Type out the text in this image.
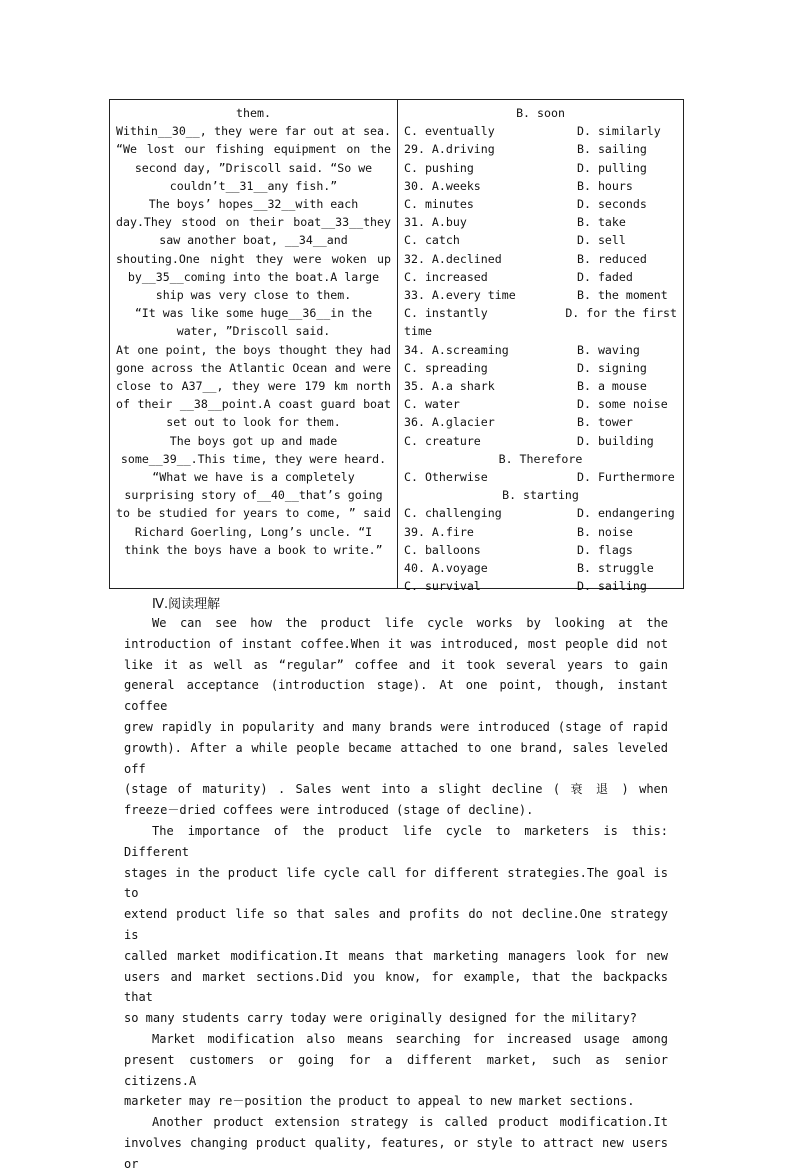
them.
Within__30__, they were far out at sea.
“We lost our fishing equipment on the
second day, ”Driscoll said. “So we
couldn’t__31__any fish.”
The boys’ hopes__32__with each
day.They stood on their boat__33__they
saw another boat, __34__and
shouting.One night they were woken up
by__35__coming into the boat.A large
ship was very close to them.
“It was like some huge__36__in the
water, ”Driscoll said.
At one point, the boys thought they had
gone across the Atlantic Ocean and were
close to A37__, they were 179 km north
of their __38__point.A coast guard boat
set out to look for them.
The boys got up and made
some__39__.This time, they were heard.
“What we have is a completely
surprising story of__40__that’s going
to be studied for years to come, ” said
Richard Goerling, Long’s uncle. “I
think the boys have a book to write.”
B. soon
C. eventually	D. similarly
29. A.driving	B. sailing
C. pushing	D. pulling
30. A.weeks	B. hours
C. minutes	D. seconds
31. A.buy	B. take
C. catch	D. sell
32. A.declined	B. reduced
C. increased	D. faded
33. A.every time	B. the moment
C. instantly	D. for the first
time
34. A.screaming	B. waving
C. spreading	D. signing
35. A.a shark	B. a mouse
C. water	D. some noise
36. A.glacier	B. tower
C. creature	D. building
B. Therefore
C. Otherwise	D. Furthermore
B. starting
C. challenging	D. endangering
39. A.fire	B. noise
C. balloons	D. flags
40. A.voyage	B. struggle
C. survival	D. sailing
Ⅳ.阅读理解

We can see how the product life cycle works by looking at the
introduction of instant coffee.When it was introduced, most people did not
like it as well as “regular” coffee and it took several years to gain
general acceptance (introduction stage). At one point, though, instant coffee
grew rapidly in popularity and many brands were introduced (stage of rapid
growth). After a while people became attached to one brand, sales leveled off
(stage of maturity) . Sales went into a slight decline ( 衰 退 ) when
freeze－dried coffees were introduced (stage of decline).

The importance of the product life cycle to marketers is this: Different
stages in the product life cycle call for different strategies.The goal is to
extend product life so that sales and profits do not decline.One strategy is
called market modification.It means that marketing managers look for new
users and market sections.Did you know, for example, that the backpacks that
so many students carry today were originally designed for the military?

Market modification also means searching for increased usage among
present customers or going for a different market, such as senior citizens.A
marketer may re－position the product to appeal to new market sections.

Another product extension strategy is called product modification.It
involves changing product quality, features, or style to attract new users or
